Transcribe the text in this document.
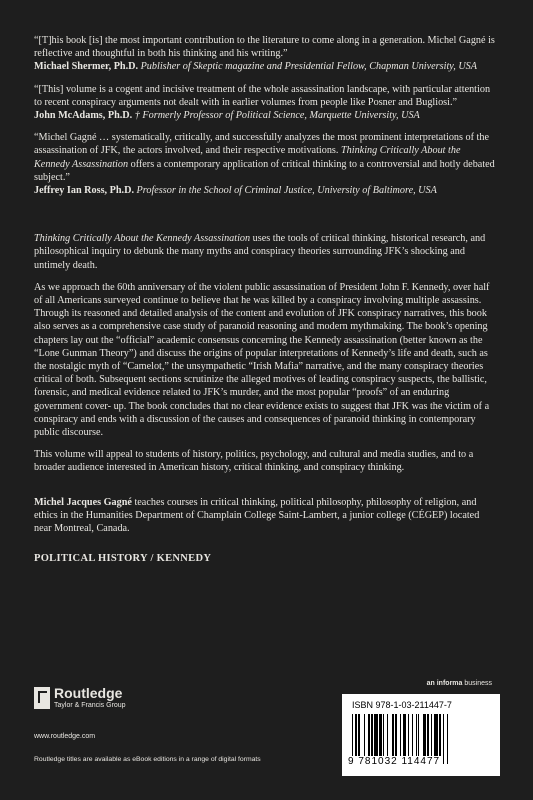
“[T]his book [is] the most important contribution to the literature to come along in a generation. Michel Gagné is reflective and thoughtful in both his thinking and his writing.”
Michael Shermer, Ph.D. Publisher of Skeptic magazine and Presidential Fellow, Chapman University, USA
“[This] volume is a cogent and incisive treatment of the whole assassination landscape, with particular attention to recent conspiracy arguments not dealt with in earlier volumes from people like Posner and Bugliosi.”
John McAdams, Ph.D. † Formerly Professor of Political Science, Marquette University, USA
“Michel Gagné … systematically, critically, and successfully analyzes the most prominent interpretations of the assassination of JFK, the actors involved, and their respective motivations. Thinking Critically About the Kennedy Assassination offers a contemporary application of critical thinking to a controversial and hotly debated subject.”
Jeffrey Ian Ross, Ph.D. Professor in the School of Criminal Justice, University of Baltimore, USA

Thinking Critically About the Kennedy Assassination uses the tools of critical thinking, historical research, and philosophical inquiry to debunk the many myths and conspiracy theories surrounding JFK’s shocking and untimely death.

As we approach the 60th anniversary of the violent public assassination of President John F. Kennedy, over half of all Americans surveyed continue to believe that he was killed by a conspiracy involving multiple assassins. Through its reasoned and detailed analysis of the content and evolution of JFK conspiracy narratives, this book also serves as a comprehensive case study of paranoid reasoning and modern mythmaking. The book’s opening chapters lay out the “official” academic consensus concerning the Kennedy assassination (better known as the “Lone Gunman Theory”) and discuss the origins of popular interpretations of Kennedy’s life and death, such as the nostalgic myth of “Camelot,” the unsympathetic “Irish Mafia” narrative, and the many conspiracy theories critical of both. Subsequent sections scrutinize the alleged motives of leading conspiracy suspects, the ballistic, forensic, and medical evidence related to JFK’s murder, and the most popular “proofs” of an enduring government cover- up. The book concludes that no clear evidence exists to suggest that JFK was the victim of a conspiracy and ends with a discussion of the causes and consequences of paranoid thinking in contemporary public discourse.

This volume will appeal to students of history, politics, psychology, and cultural and media studies, and to a broader audience interested in American history, critical thinking, and conspiracy thinking.

Michel Jacques Gagné teaches courses in critical thinking, political philosophy, philosophy of religion, and ethics in the Humanities Department of Champlain College Saint-Lambert, a junior college (CÉGEP) located near Montreal, Canada.

POLITICAL HISTORY / KENNEDY
Routledge
Taylor & Francis Group
www.routledge.com
an informa business
ISBN 978-1-03-211447-7
9 781032 114477
Routledge titles are available as eBook editions in a range of digital formats
